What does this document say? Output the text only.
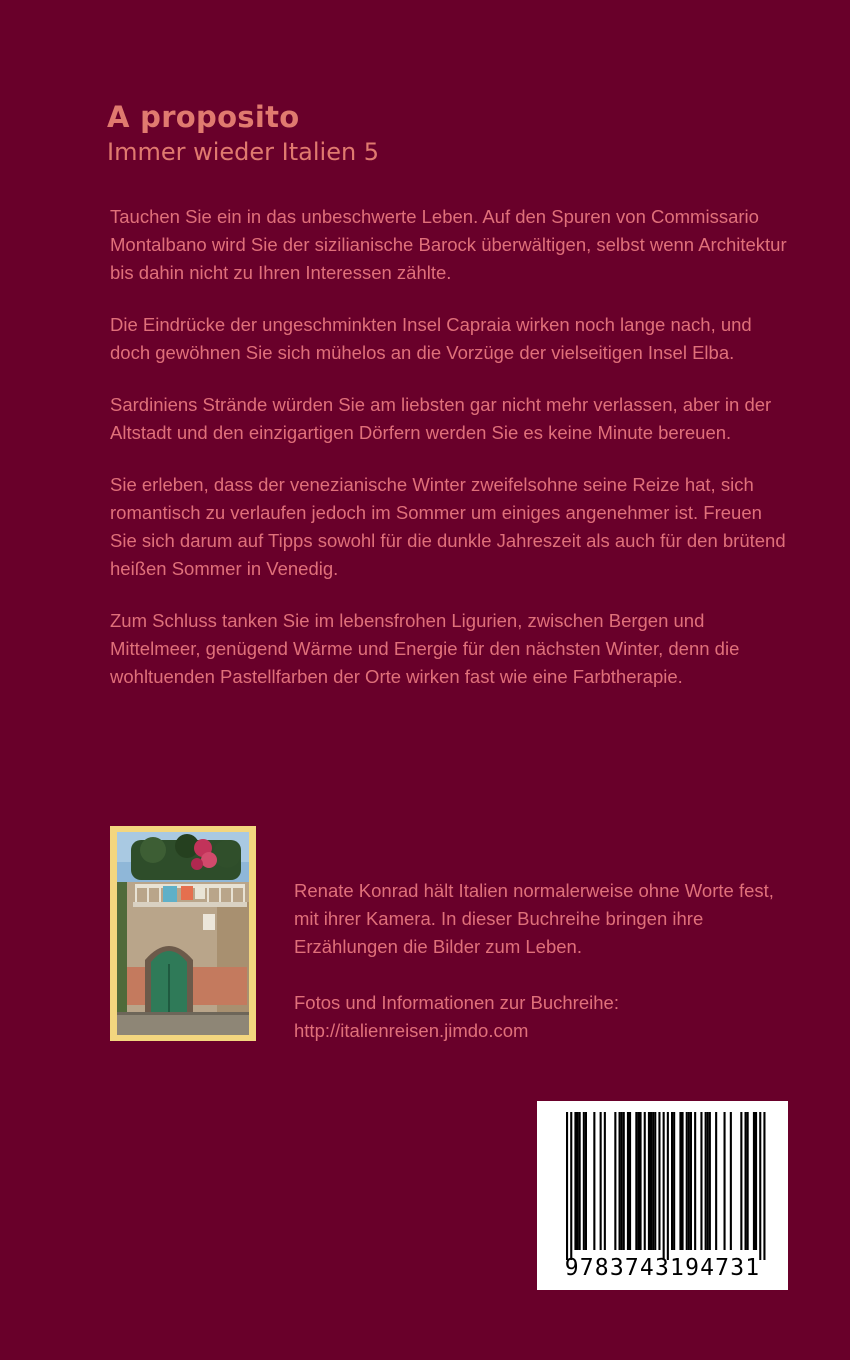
A proposito
Immer wieder Italien 5

Tauchen Sie ein in das unbeschwerte Leben. Auf den Spuren von Commissario Montalbano wird Sie der sizilianische Barock überwältigen, selbst wenn Architektur bis dahin nicht zu Ihren Interessen zählte.

Die Eindrücke der ungeschminkten Insel Capraia wirken noch lange nach, und doch gewöhnen Sie sich mühelos an die Vorzüge der vielseitigen Insel Elba.

Sardiniens Strände würden Sie am liebsten gar nicht mehr verlassen, aber in der Altstadt und den einzigartigen Dörfern werden Sie es keine Minute bereuen.

Sie erleben, dass der venezianische Winter zweifelsohne seine Reize hat, sich romantisch zu verlaufen jedoch im Sommer um einiges angenehmer ist. Freuen Sie sich darum auf Tipps sowohl für die dunkle Jahreszeit als auch für den brütend heißen Sommer in Venedig.

Zum Schluss tanken Sie im lebensfrohen Ligurien, zwischen Bergen und Mittelmeer, genügend Wärme und Energie für den nächsten Winter, denn die wohltuenden Pastellfarben der Orte wirken fast wie eine Farbtherapie.

Renate Konrad hält Italien normalerweise ohne Worte fest, mit ihrer Kamera. In dieser Buchreihe bringen ihre Erzählungen die Bilder zum Leben.

Fotos und Informationen zur Buchreihe:
http://italienreisen.jimdo.com
9783743194731
